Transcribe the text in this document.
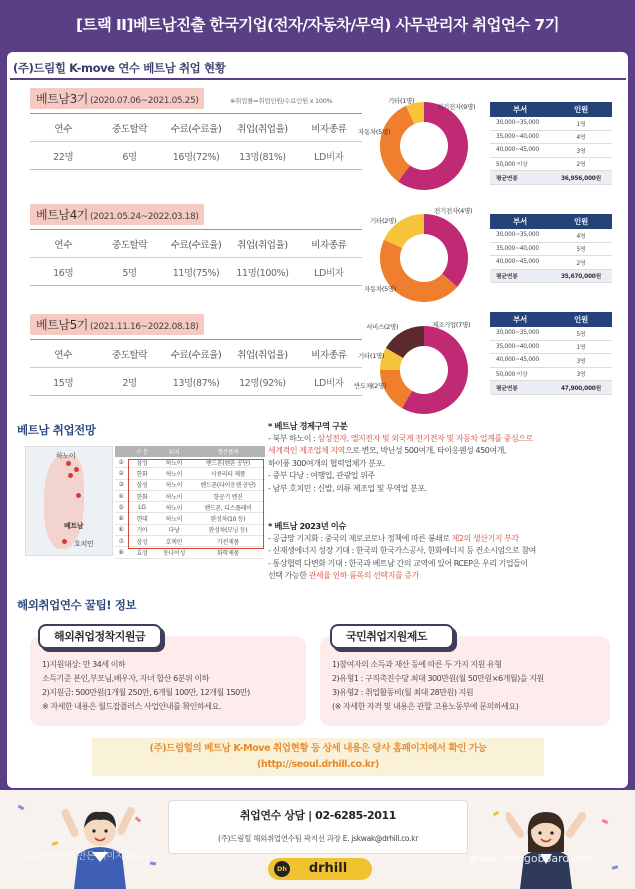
[트랙 II]베트남진출 한국기업(전자/자동차/무역) 사무관리자 취업연수 7기
(주)드림힐 K-move 연수 베트남 취업 현황
베트남3기 (2020.07.06~2021.05.25)	※취업률=취업인원/수료인원 x 100%
연수	중도탈락	수료(수료율)	취업(취업율)	비자종류
22명	6명	16명(72%)	13명(81%)	LD비자
베트남4기 (2021.05.24~2022.03.18)
연수	중도탈락	수료(수료율)	취업(취업율)	비자종류
16명	5명	11명(75%)	11명(100%)	LD비자
베트남5기 (2021.11.16~2022.08.18)
연수	중도탈락	수료(수료율)	취업(취업율)	비자종류
15명	2명	13명(87%)	12명(92%)	LD비자
기타(1명)
전기전자(9명)
자동차(5명)
기타(2명)
전기전자(4명)
자동차(5명)
서비스(2명)	제조기업(7명)
기타(1명)
반도체(2명)
부서	인원
30,000~35,000	1명
35,000~40,000	4명
40,000~45,000	3명
50,000 이상	2명
평균연봉	36,956,000원
부서	인원
30,000~35,000	4명
35,000~40,000	5명
40,000~45,000	2명
평균연봉	35,670,000원
부서	인원
30,000~35,000	5명
35,000~40,000	1명
40,000~45,000	3명
50,000 이상	3명
평균연봉	47,900,000원
베트남 취업전망
하노이
베트남
호치민
구 분	위치	생산품목
①	삼성	하노이	핸드폰(핸폰 공단)
②	한화	하노이	시큐리티 제품
③	삼성	하노이	핸드폰(타이응웬 공단)
④	한화	하노이	항공기 엔진
⑤	LG	하노이	핸드폰, 디스플레이
⑥	현대	하노이	완성차(10 등)
⑥	기아	다낭	완성차(모닝 등)
⑦	삼성	호찌민	가전제품
⑧	효성	동나이성	화학제품
* 베트남 경제구역 구분
- 북부 하노이 : 삼성전자, 엘지전자 및 외국계 전기전자 및 자동차 업계를 중심으로
세계적인 제조업체 지역으로 변모, 박닌성 500여개, 타이응웬성 450여개,
하이퐁 300여개의 협력업체가 분포.
- 중부 다낭 : 여행업, 관광업 위주
- 남부 호치민 : 신발, 의류 제조업 및 무역업 분포.
* 베트남 2023년 이슈
- 공급망 기지화 : 중국의 제로코로나 정책에 따른 봉쇄로 제2의 생산기지 부각
- 신재생에너지 성장 기대 : 한국의 한국가스공사, 한화에너지 등 컨소시엄으로 참여
- 통상협력 다변화 기대 : 한국과 베트남 간의 교역에 있어 RCEP은 우리 기업들이
선택 가능한 관세율 인하 품목의 선택지를 증가
해외취업연수 꿀팁! 정보
1)지원대상: 만 34세 이하
소득기준 본인,부모님,배우자, 자녀 합산 6분위 이하
2)지원금: 500만원(1개월 250만, 6개월 100만, 12개월 150만)
※ 자세한 내용은 월드잡플러스 사업안내를 확인하세요.
해외취업정착지원금
1)참여자의 소득과 재산 등에 따른 두 가지 지원 유형
2)유형1 : 구직촉진수당 최대 300만원(월 50만원×6개월)을 지원
3)유형2 : 취업활동비(월 최대 28만원) 지원
(※ 자세한 자격 및 내용은 관할 고용노동부에 문의하세요)
국민취업지원제도
(주)드림힐의 베트남 K-Move 취업현황 등 상세 내용은 당사 홈페이지에서 확인 가능
(http://seoul.drhill.co.kr)
취업연수 상담 | 02-6285-2011
(주)드림힐 해외취업연수팀 곽지선 과장 E. jskwak@drhill.co.kr
Dh drhill
망고보드에서 만든 이미지입니다	www.mangoboard.net
